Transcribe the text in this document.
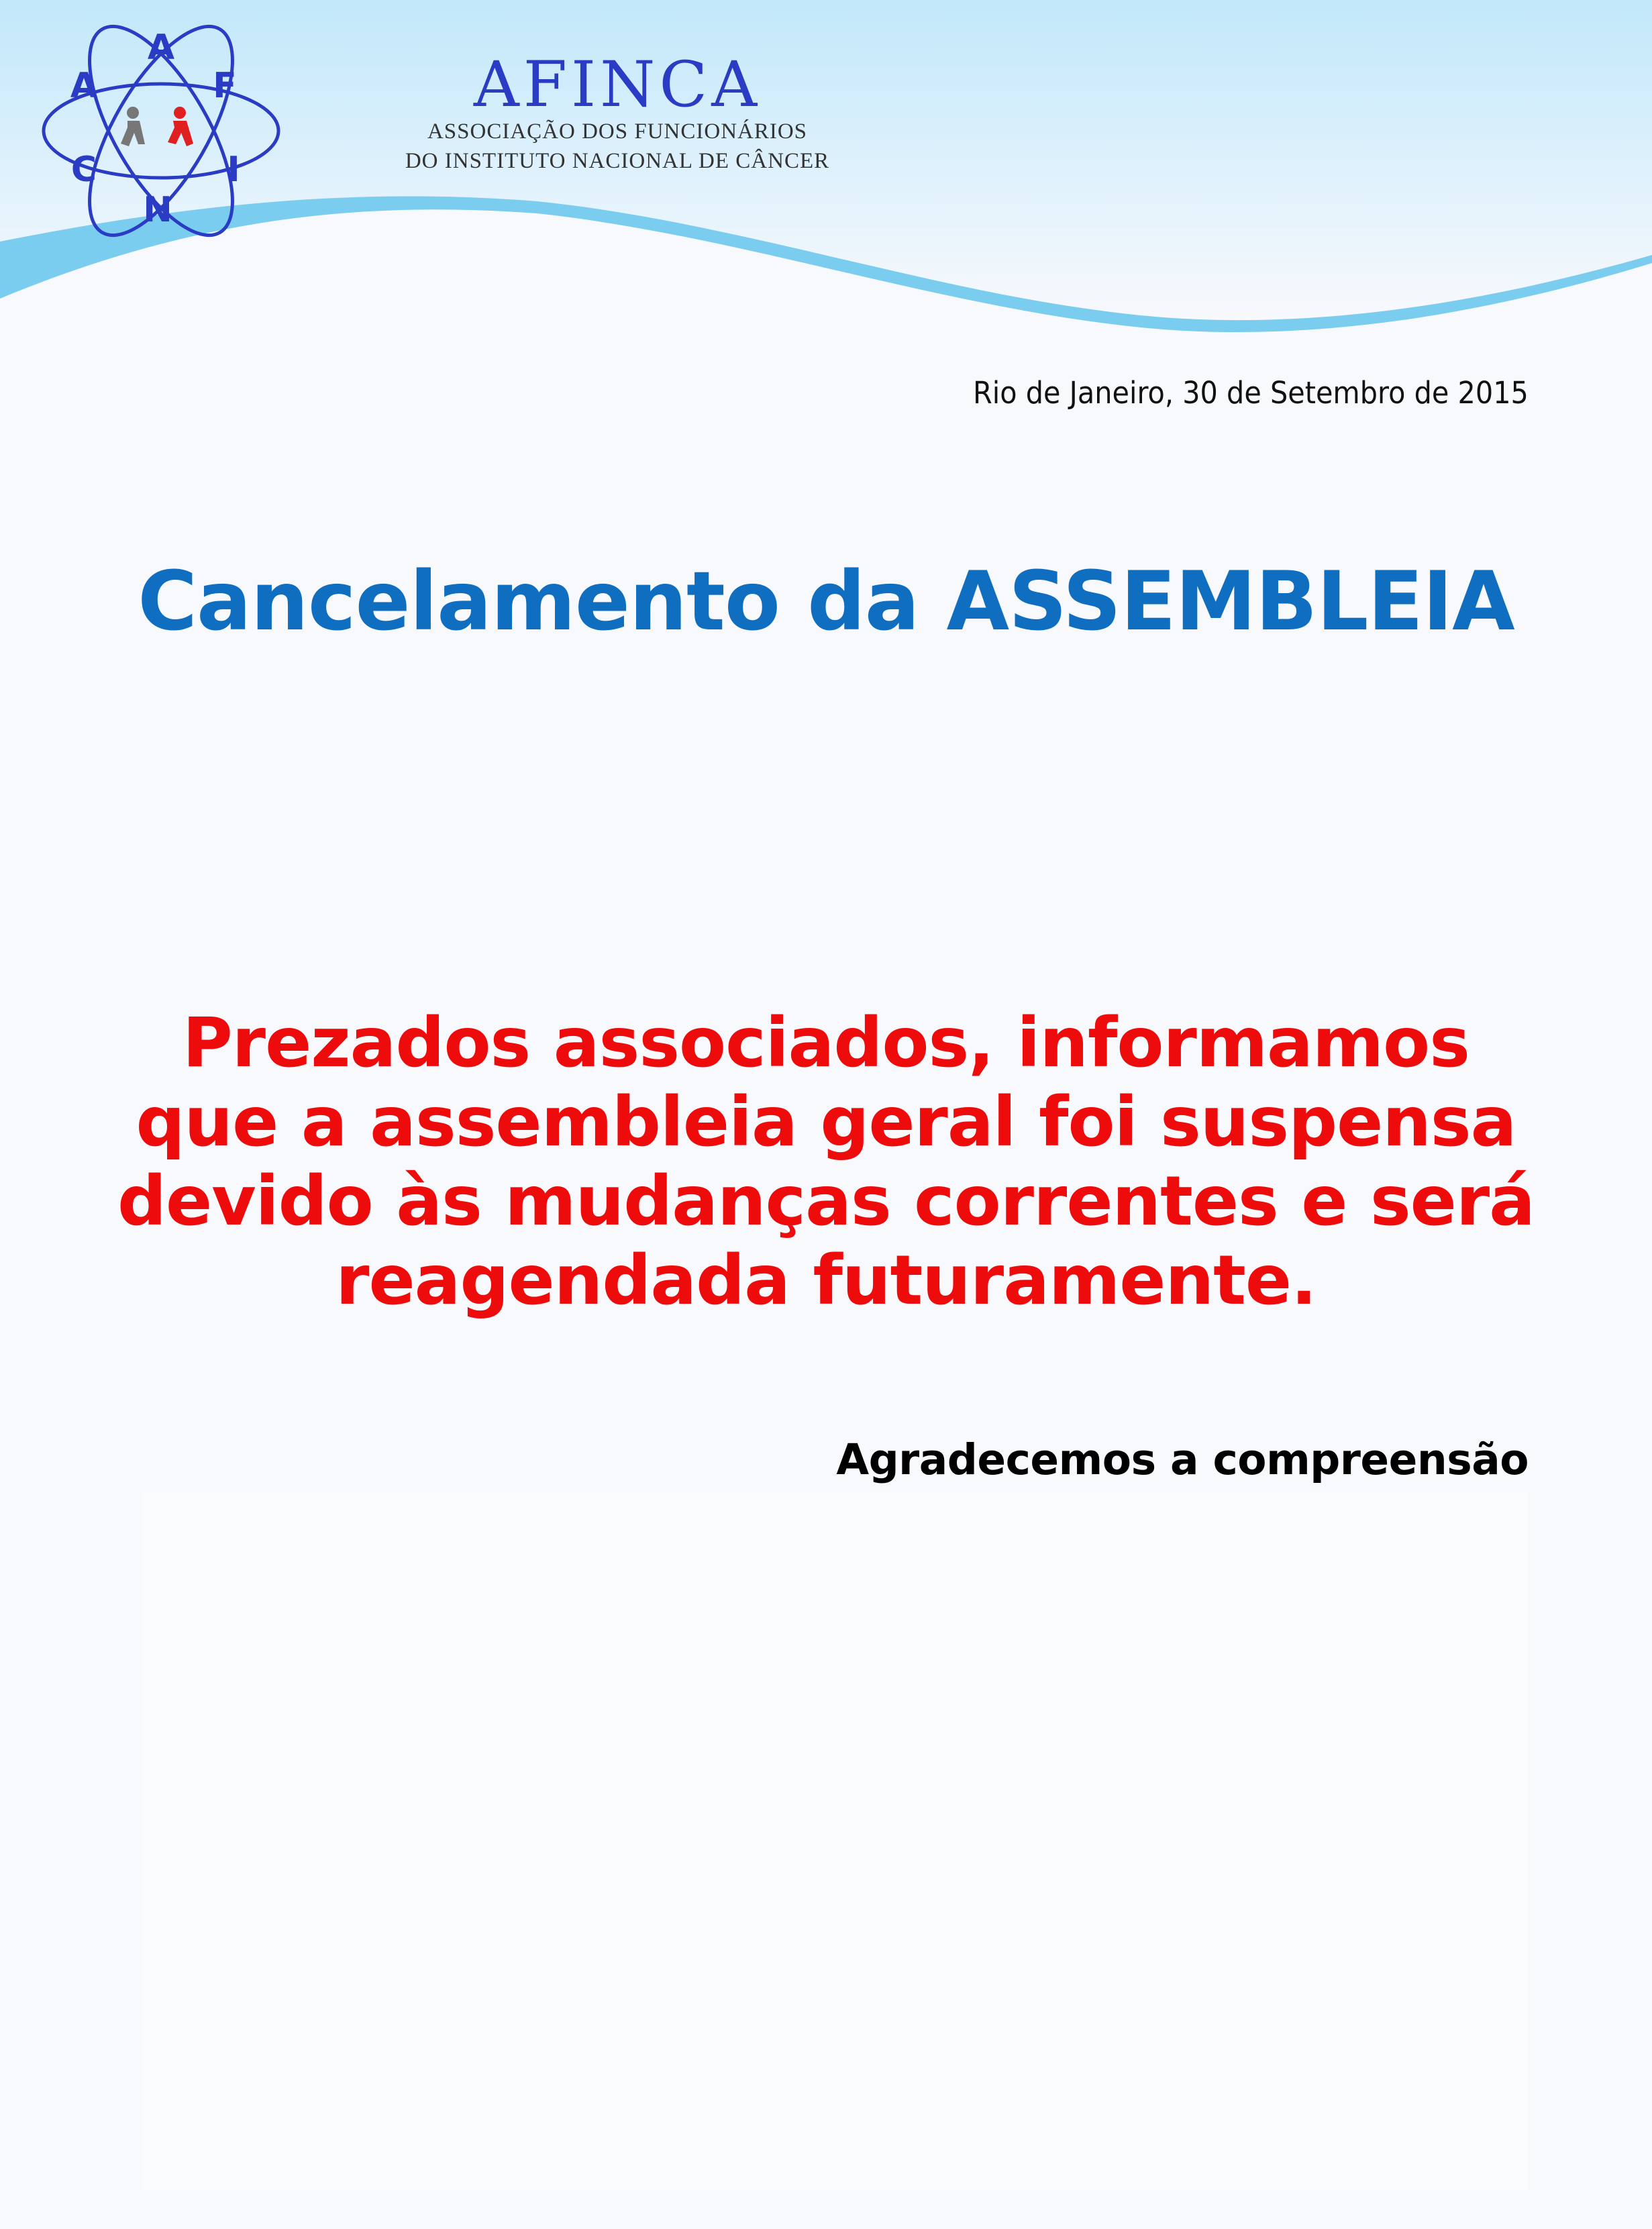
A
A	F
I
N
C
AFINCA
ASSOCIAÇÃO DOS FUNCIONÁRIOS
DO INSTITUTO NACIONAL DE CÂNCER
Rio de Janeiro, 30 de Setembro de 2015
Cancelamento da ASSEMBLEIA
Prezados associados, informamos
que a assembleia geral foi suspensa
devido às mudanças correntes e será
reagendada futuramente.
Agradecemos a compreensão
